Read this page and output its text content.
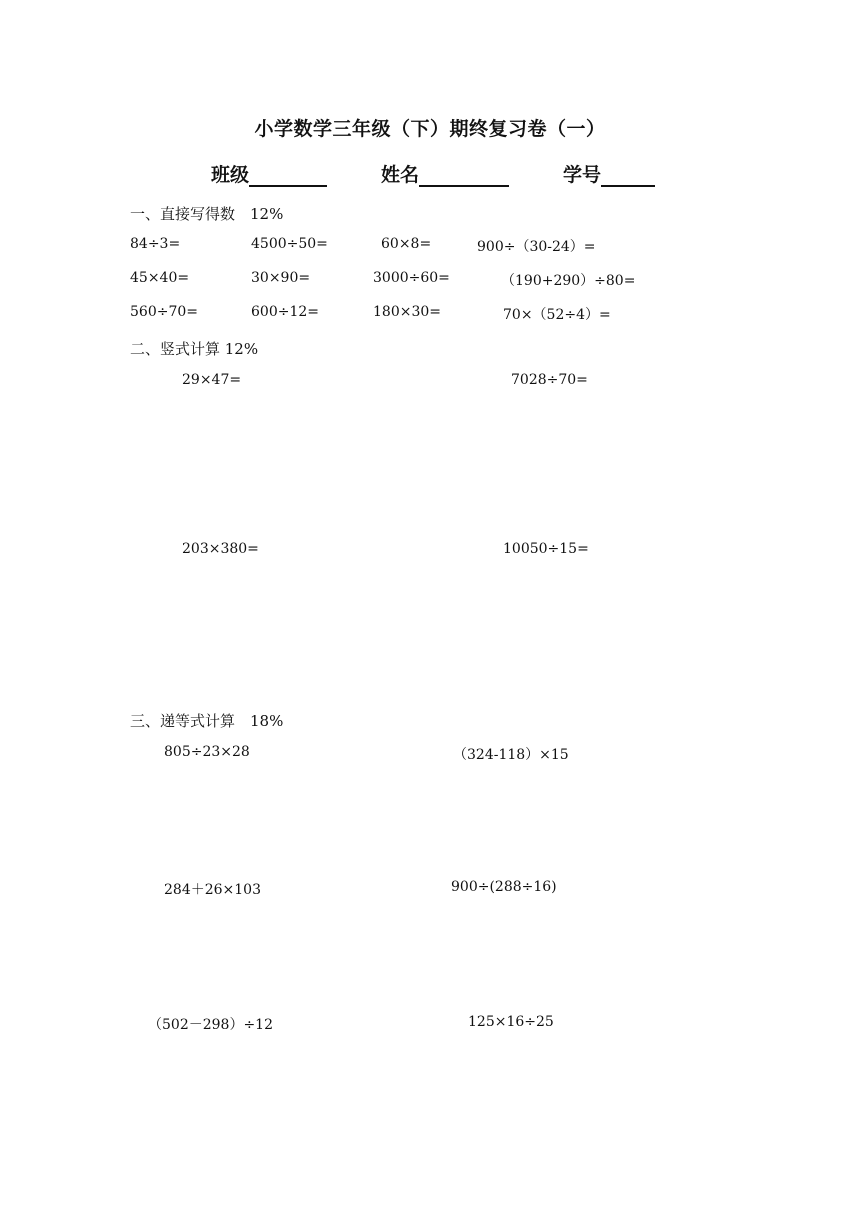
小学数学三年级（下）期终复习卷（一）
班级	姓名	学号
一、直接写得数　12%
84÷3=	4500÷50=	60×8=	900÷（30-24）=
45×40=	30×90=	3000÷60=	（190+290）÷80=
560÷70=	600÷12=	180×30=	70×（52÷4）=
二、竖式计算 12%
29×47=	7028÷70=
203×380=	10050÷15=
三、递等式计算　18%
805÷23×28	（324-118）×15
284＋26×103	900÷(288÷16)
（502－298）÷12	125×16÷25
